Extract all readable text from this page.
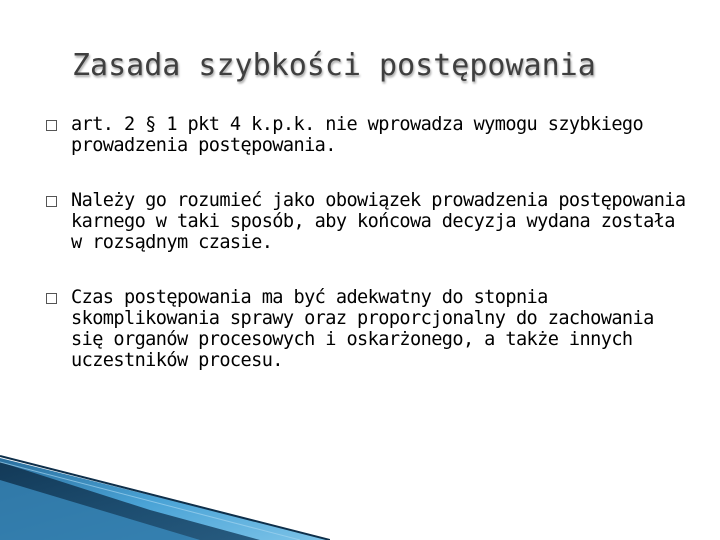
Zasada szybkości postępowania
art. 2 § 1 pkt 4 k.p.k. nie wprowadza wymogu szybkiego prowadzenia postępowania.
Należy go rozumieć jako obowiązek prowadzenia postępowania karnego w taki sposób, aby końcowa decyzja wydana została w rozsądnym czasie.
Czas postępowania ma być adekwatny do stopnia skomplikowania sprawy oraz proporcjonalny do zachowania się organów procesowych i oskarżonego, a także innych uczestników procesu.
